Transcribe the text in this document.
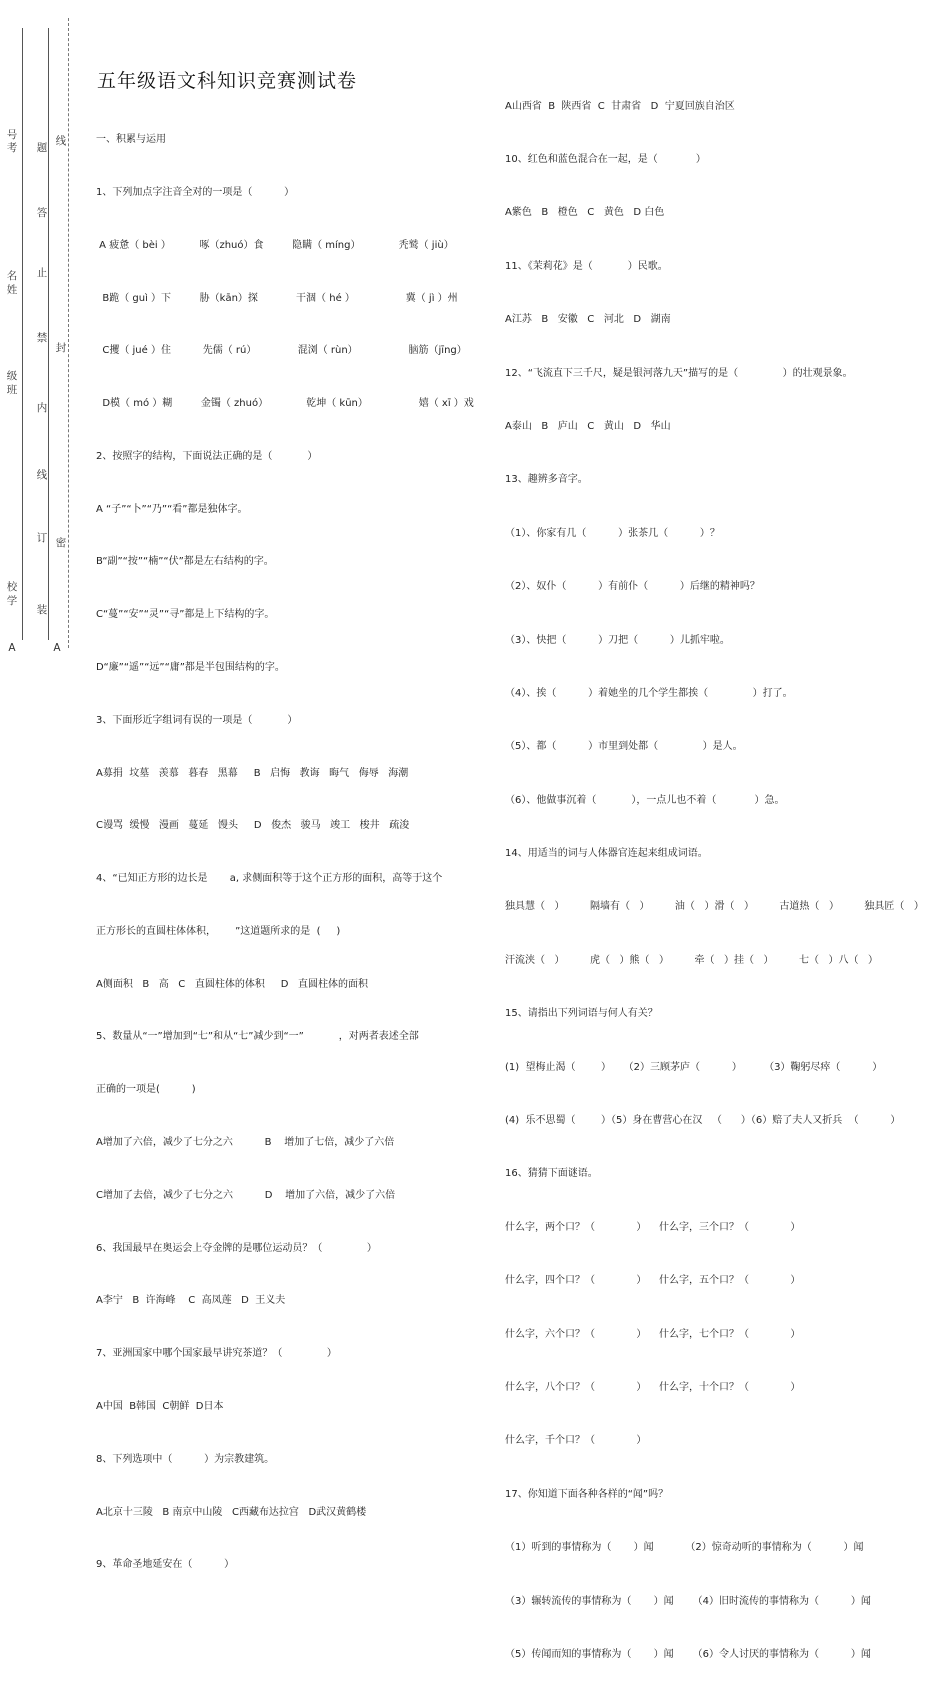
号
考
名
姓
级
班
校
学
A
题
答
止
禁
内
线
订
装
A
线
封
密
五年级语文科知识竞赛测试卷

一、积累与运用

1、下列加点字注音全对的一项是（          ）

A 疲惫（ bèi ）         啄（zhuó）食         隐瞒（ míng）            秃鹫（ jiù）

B跪（ guì ）下         胁（kān）探            干涸（ hé ）                冀（ jì ）州

C攫（ jué ）住          先儒（ rú）             混浏（ rùn）                脑筋（jīng）

D模（ mó ）糊         金镯（ zhuó）            乾坤（ kūn）                嬉（ xī ）戏

2、按照字的结构，下面说法正确的是（           ）

A “子”“卜”“乃”“看”都是独体字。

B“副”“按”“楠”“伏”都是左右结构的字。

C“蔓”“安”“灵”“寻”都是上下结构的字。

D“廉”“遥”“远”“庸”都是半包围结构的字。

3、下面形近字组词有误的一项是（           ）

A募捐  坟墓   羡慕   暮春   黑幕     B   启悔   教诲   晦气   侮辱   海潮

C谩骂  缓慢   漫画   蔓延   馒头     D   俊杰   骏马   竣工   梭井   疏浚

4、“已知正方形的边长是       a, 求侧面积等于这个正方形的面积，高等于这个

正方形长的直圆柱体体积，      ”这道题所求的是  (     )

A侧面积   B   高   C   直圆柱体的体积     D   直圆柱体的面积

5、数量从“一”增加到“七”和从“七”减少到“一”           ，对两者表述全部

正确的一项是(          )

A增加了六倍，减少了七分之六          B    增加了七倍，减少了六倍

C增加了去倍，减少了七分之六          D    增加了六倍，减少了六倍

6、我国最早在奥运会上夺金牌的是哪位运动员？（              ）

A李宁   B  许海峰    C  高凤莲   D  王义夫

7、亚洲国家中哪个国家最早讲究茶道？（              ）

A中国  B韩国  C朝鲜  D日本

8、下列选项中（          ）为宗教建筑。

A北京十三陵   B 南京中山陵   C西藏布达拉宫   D武汉黄鹤楼

9、革命圣地延安在（          ）

A山西省  B  陕西省  C  甘肃省   D  宁夏回族自治区

10、红色和蓝色混合在一起，是（            ）

A紫色   B   橙色   C   黄色   D 白色

11、《茉莉花》是（           ）民歌。

A江苏   B   安徽   C   河北   D   湖南

12、“飞流直下三千尺，疑是银河落九天”描写的是（              ）的壮观景象。

A泰山   B   庐山   C   黄山   D   华山

13、趣辨多音字。

（1）、你家有几（          ）张茶几（          ）？

（2）、奴仆（          ）有前仆（          ）后继的精神吗？

（3）、快把（          ）刀把（          ）儿抓牢啦。

（4）、挨（          ）着她坐的几个学生都挨（              ）打了。

（5）、都（          ）市里到处都（              ）是人。

（6）、他做事沉着（           ），一点儿也不着（            ）急。

14、用适当的词与人体器官连起来组成词语。

独具慧（   ）        隔墙有（   ）        油（   ）滑（   ）        古道热（   ）        独具匠（   ）

汗流浃（   ）        虎（   ）熊（   ）        牵（   ）挂（   ）        七（   ）八（   ）

15、请指出下列词语与何人有关？

(1)  望梅止渴（        ）    （2）三顾茅庐（          ）       （3）鞠躬尽瘁（          ）

(4)  乐不思蜀（        ）（5）身在曹营心在汉   （      ）（6）赔了夫人又折兵  （          ）

16、猜猜下面谜语。

什么字，两个口？（             ）    什么字，三个口？（             ）

什么字，四个口？（             ）    什么字，五个口？（             ）

什么字，六个口？（             ）    什么字，七个口？（             ）

什么字，八个口？（             ）    什么字，十个口？（             ）

什么字，千个口？（             ）

17、你知道下面各种各样的“闻”吗？

（1）听到的事情称为（       ）闻          （2）惊奇动听的事情称为（          ）闻

（3）辗转流传的事情称为（       ）闻      （4）旧时流传的事情称为（          ）闻

（5）传闻而知的事情称为（       ）闻      （6）令人讨厌的事情称为（          ）闻
